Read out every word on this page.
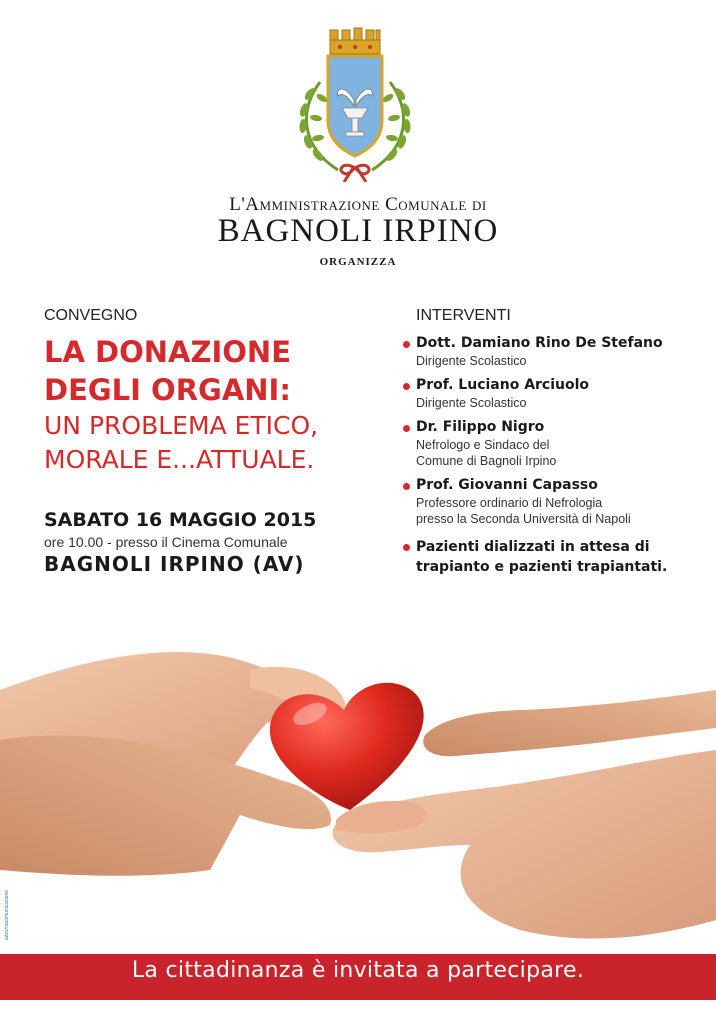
L'Amministrazione Comunale di
BAGNOLI IRPINO
ORGANIZZA
CONVEGNO
LA DONAZIONE
DEGLI ORGANI:
UN PROBLEMA ETICO,
MORALE E...ATTUALE.
SABATO 16 MAGGIO 2015
ore 10.00 - presso il Cinema Comunale
BAGNOLI IRPINO (AV)
INTERVENTI
Dott. Damiano Rino De Stefano
Dirigente Scolastico
Prof. Luciano Arciuolo
Dirigente Scolastico
Dr. Filippo Nigro
Nefrologo e Sindaco del
Comune di Bagnoli Irpino
Prof. Giovanni Capasso
Professore ordinario di Nefrologia
presso la Seconda Università di Napoli
Pazienti dializzati in attesa di
trapianto e pazienti trapiantati.
azzurracomunicazione
La cittadinanza è invitata a partecipare.
